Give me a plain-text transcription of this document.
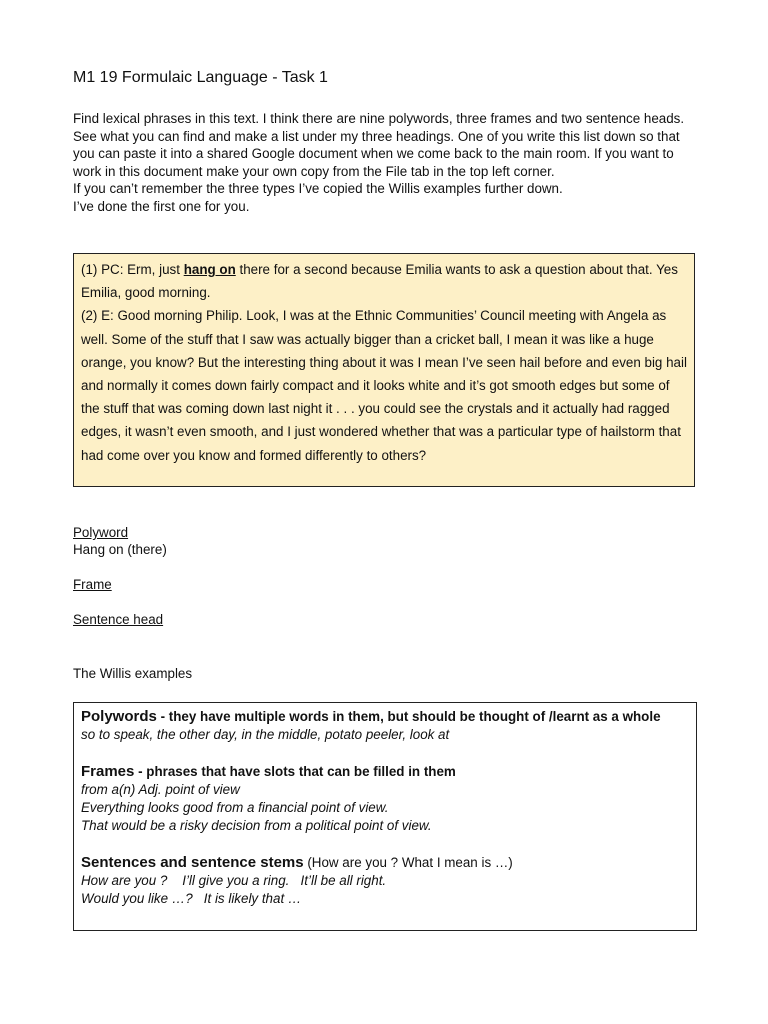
M1 19 Formulaic Language - Task 1

Find lexical phrases in this text. I think there are nine polywords, three frames and two sentence heads. See what you can find and make a list under my three headings. One of you write this list down so that you can paste it into a shared Google document when we come back to the main room. If you want to work in this document make your own copy from the File tab in the top left corner.

If you can’t remember the three types I’ve copied the Willis examples further down.

I’ve done the first one for you.

(1) PC: Erm, just hang on there for a second because Emilia wants to ask a question about that. Yes Emilia, good morning.

(2) E: Good morning Philip. Look, I was at the Ethnic Communities’ Council meeting with Angela as well. Some of the stuff that I saw was actually bigger than a cricket ball, I mean it was like a huge orange, you know? But the interesting thing about it was I mean I’ve seen hail before and even big hail and normally it comes down fairly compact and it looks white and it’s got smooth edges but some of the stuff that was coming down last night it . . . you could see the crystals and it actually had ragged edges, it wasn’t even smooth, and I just wondered whether that was a particular type of hailstorm that had come over you know and formed differently to others?

Polyword
Hang on (there)
Frame
Sentence head
The Willis examples
Polywords - they have multiple words in them, but should be thought of /learnt as a whole
so to speak, the other day, in the middle, potato peeler, look at
Frames - phrases that have slots that can be filled in them
from a(n) Adj. point of view
Everything looks good from a financial point of view.
That would be a risky decision from a political point of view.
Sentences and sentence stems (How are you ? What I mean is …)
How are you ?    I’ll give you a ring.   It’ll be all right.
Would you like …?   It is likely that …
